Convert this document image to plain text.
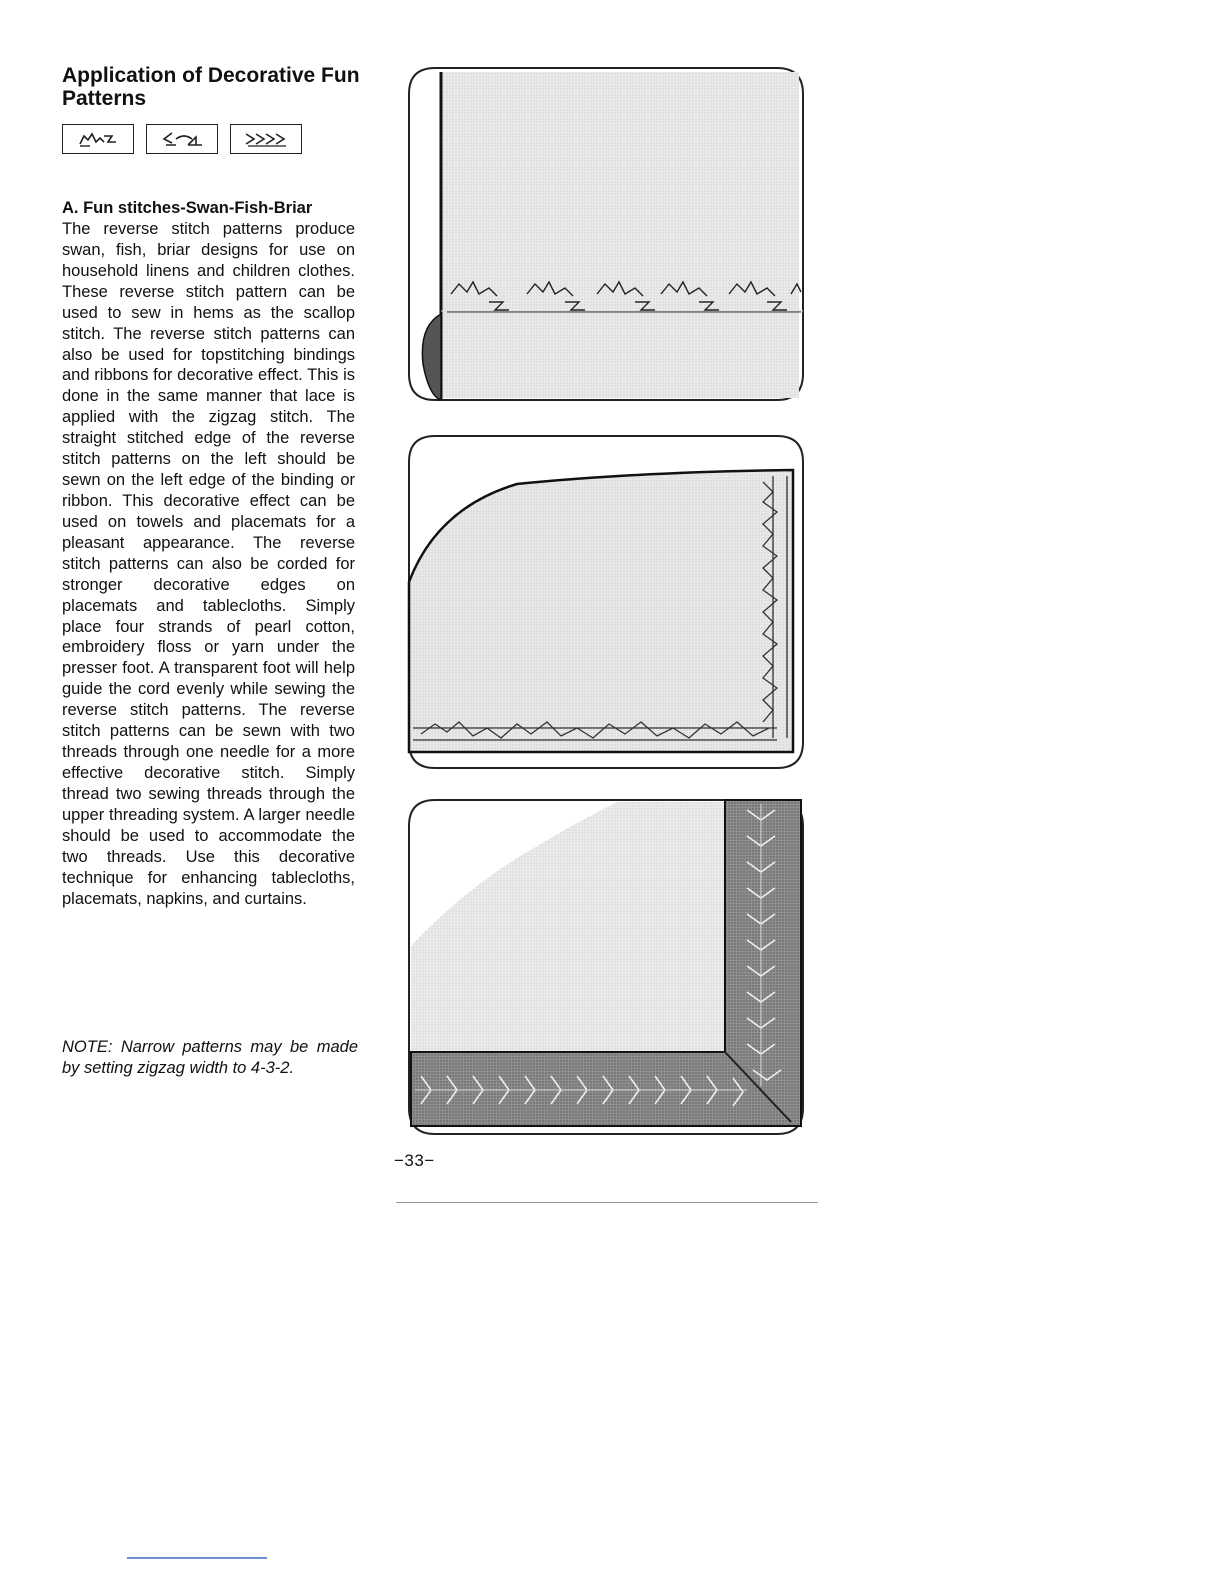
Application of Decorative Fun Patterns
A. Fun stitches-Swan-Fish-Briar

The reverse stitch patterns produce swan, fish, briar designs for use on household linens and children clothes. These reverse stitch pattern can be used to sew in hems as the scallop stitch. The reverse stitch patterns can also be used for topstitching bindings and ribbons for decorative effect. This is done in the same manner that lace is applied with the zigzag stitch. The straight stitched edge of the reverse stitch patterns on the left should be sewn on the left edge of the binding or ribbon. This decorative effect can be used on towels and placemats for a pleasant appearance. The reverse stitch patterns can also be corded for stronger decorative edges on placemats and tablecloths. Simply place four strands of pearl cotton, embroidery floss or yarn under the presser foot. A transparent foot will help guide the cord evenly while sewing the reverse stitch patterns. The reverse stitch patterns can be sewn with two threads through one needle for a more effective decorative stitch. Simply thread two sewing threads through the upper threading system. A larger needle should be used to accommodate the two threads. Use this decorative technique for enhancing tablecloths, placemats, napkins, and curtains.

NOTE: Narrow patterns may be made by setting zigzag width to 4-3-2.

−33−
